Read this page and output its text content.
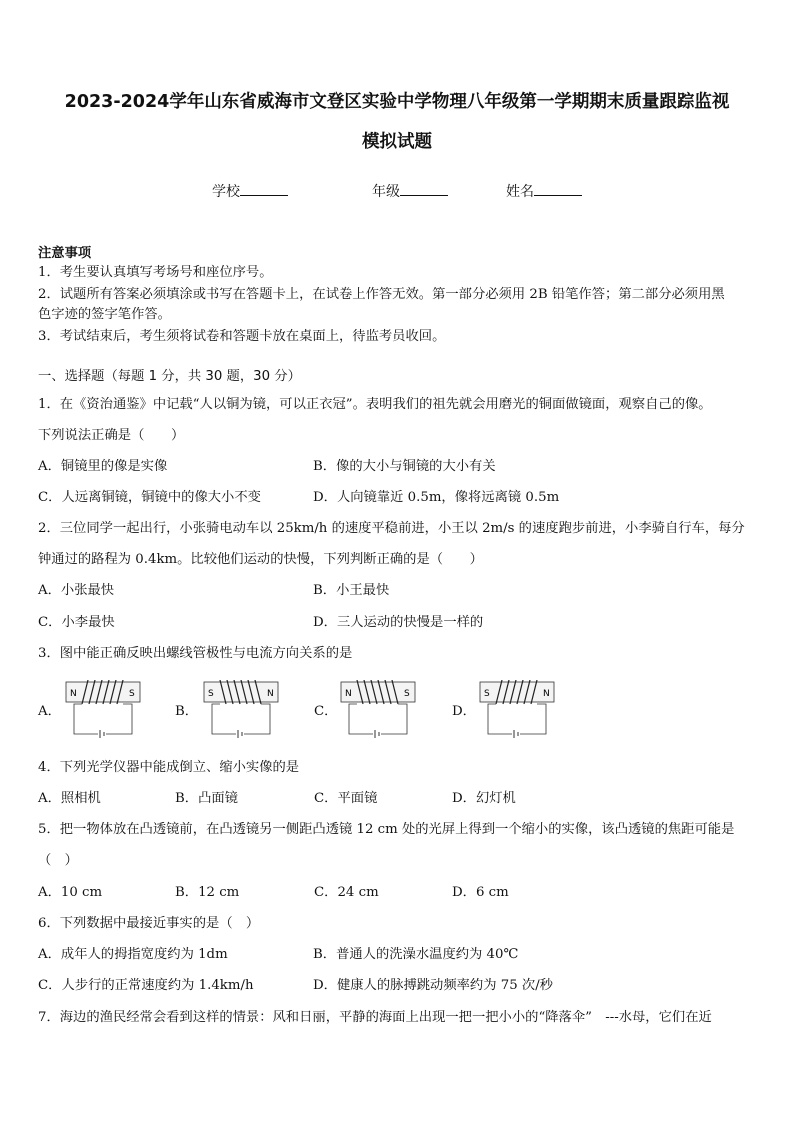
2023-2024学年山东省威海市文登区实验中学物理八年级第一学期期末质量跟踪监视
模拟试题
学校	年级	姓名
注意事项
1．考生要认真填写考场号和座位序号。
2．试题所有答案必须填涂或书写在答题卡上，在试卷上作答无效。第一部分必须用 2B 铅笔作答；第二部分必须用黑
色字迹的签字笔作答。
3．考试结束后，考生须将试卷和答题卡放在桌面上，待监考员收回。
一、选择题（每题 1 分，共 30 题，30 分）
1．在《资治通鉴》中记载“人以铜为镜，可以正衣冠”。表明我们的祖先就会用磨光的铜面做镜面，观察自己的像。
下列说法正确是（　　）
A．铜镜里的像是实像	B．像的大小与铜镜的大小有关
C．人远离铜镜，铜镜中的像大小不变	D．人向镜靠近 0.5m，像将远离镜 0.5m
2．三位同学一起出行，小张骑电动车以 25km/h 的速度平稳前进，小王以 2m/s 的速度跑步前进，小李骑自行车，每分
钟通过的路程为 0.4km。比较他们运动的快慢，下列判断正确的是（　　）
A．小张最快	B．小王最快
C．小李最快	D．三人运动的快慢是一样的
3．图中能正确反映出螺线管极性与电流方向关系的是
A．	B．	C．	D．
N	S	S	N	N	S	S	N
4．下列光学仪器中能成倒立、缩小实像的是
A．照相机	B．凸面镜	C．平面镜	D．幻灯机
5．把一物体放在凸透镜前，在凸透镜另一侧距凸透镜 12 cm 处的光屏上得到一个缩小的实像，该凸透镜的焦距可能是
（　）
A．10 cm	B．12 cm	C．24 cm	D．6 cm
6．下列数据中最接近事实的是（　）
A．成年人的拇指宽度约为 1dm	B．普通人的洗澡水温度约为 40℃
C．人步行的正常速度约为 1.4km/h	D．健康人的脉搏跳动频率约为 75 次/秒
7．海边的渔民经常会看到这样的情景：风和日丽，平静的海面上出现一把一把小小的“降落伞”　---水母，它们在近
